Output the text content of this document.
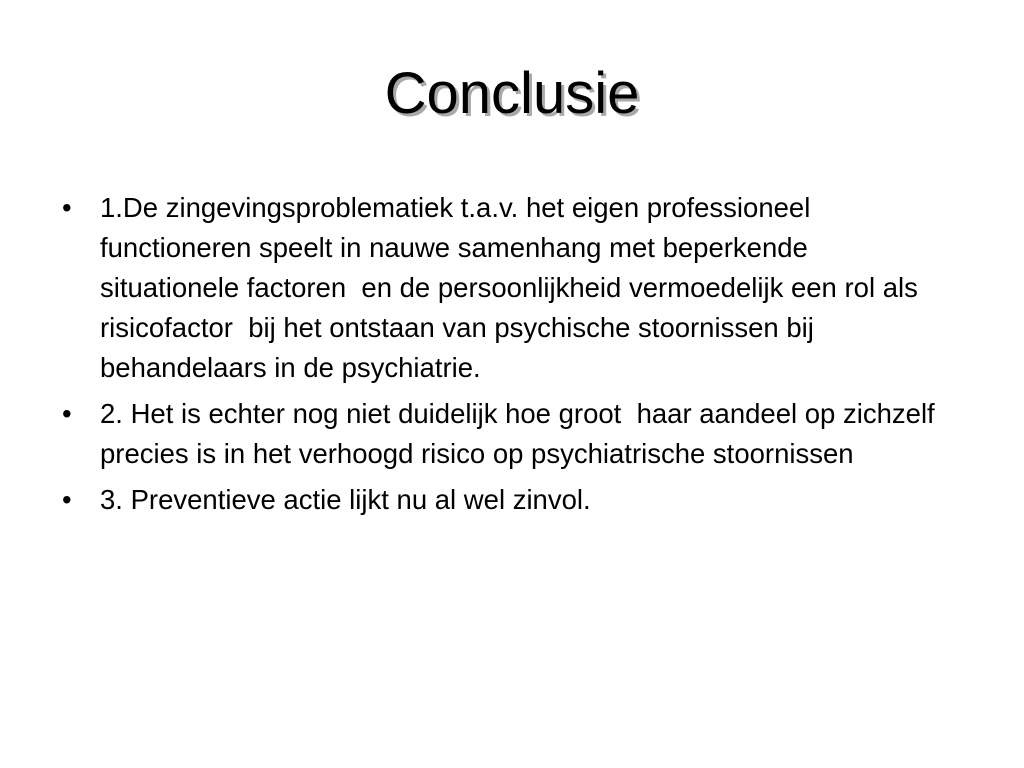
Conclusie
•	1.De zingevingsproblematiek t.a.v. het eigen professioneel functioneren speelt in nauwe samenhang met beperkende  situationele factoren  en de persoonlijkheid vermoedelijk een rol als risicofactor  bij het ontstaan van psychische stoornissen bij behandelaars in de psychiatrie.
•	2. Het is echter nog niet duidelijk hoe groot  haar aandeel op zichzelf precies is in het verhoogd risico op psychiatrische stoornissen
•	3. Preventieve actie lijkt nu al wel zinvol.
